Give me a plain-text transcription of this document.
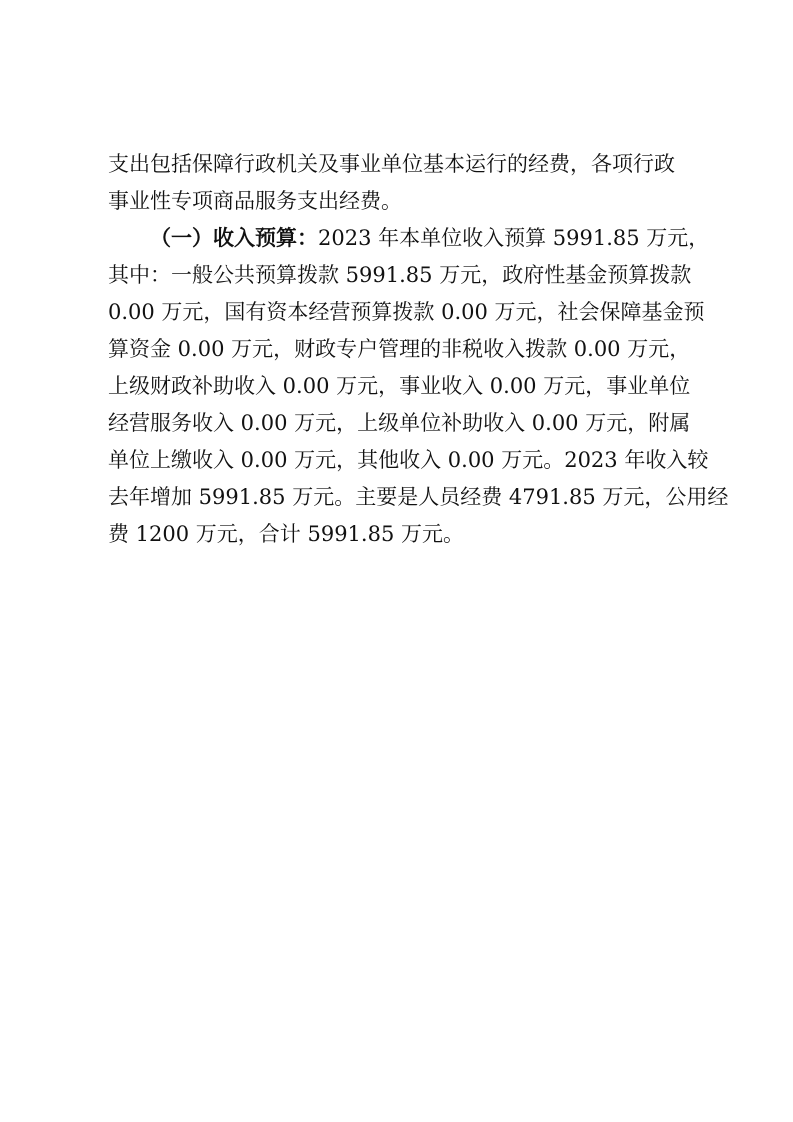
支出包括保障行政机关及事业单位基本运行的经费，各项行政
事业性专项商品服务支出经费。
（一）收入预算：2023 年本单位收入预算 5991.85 万元，
其中：一般公共预算拨款 5991.85 万元，政府性基金预算拨款
0.00 万元，国有资本经营预算拨款 0.00 万元，社会保障基金预
算资金 0.00 万元，财政专户管理的非税收入拨款 0.00 万元，
上级财政补助收入 0.00 万元，事业收入 0.00 万元，事业单位
经营服务收入 0.00 万元，上级单位补助收入 0.00 万元，附属
单位上缴收入 0.00 万元，其他收入 0.00 万元。2023 年收入较
去年增加 5991.85 万元。主要是人员经费 4791.85 万元，公用经
费 1200 万元，合计 5991.85 万元。
